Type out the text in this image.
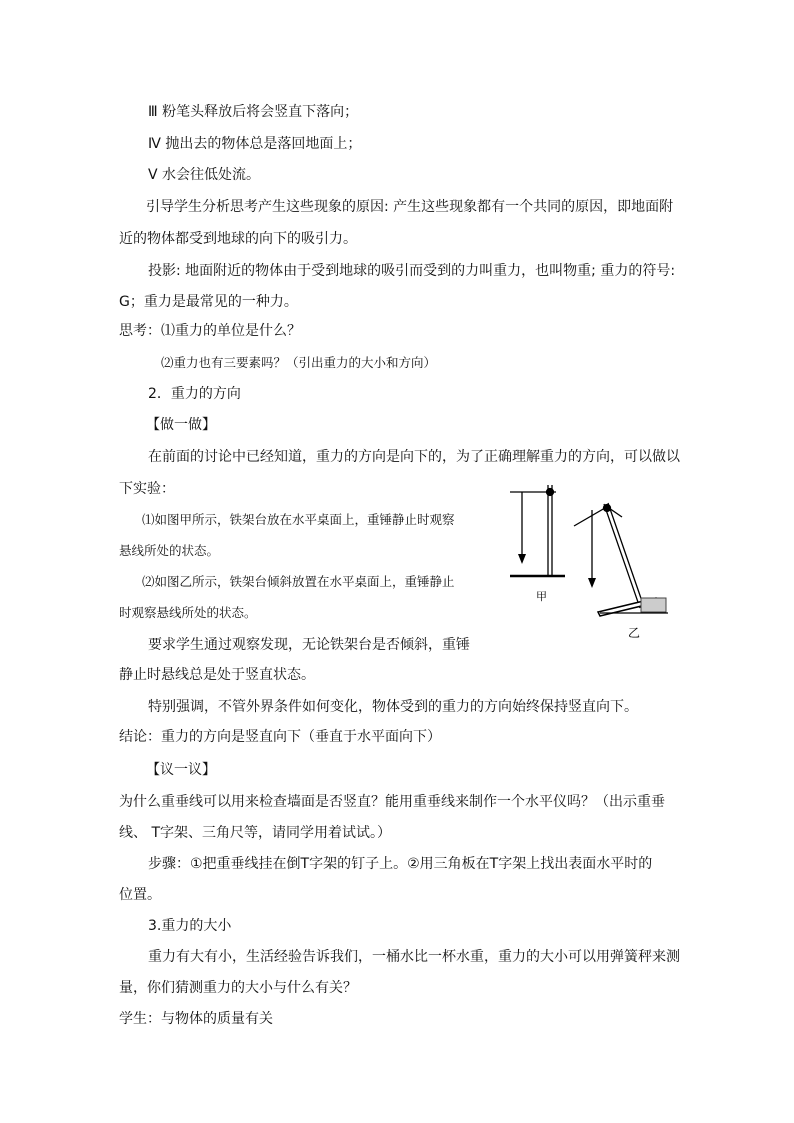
Ⅲ 粉笔头释放后将会竖直下落向；
Ⅳ 抛出去的物体总是落回地面上；
Ⅴ 水会往低处流。
引导学生分析思考产生这些现象的原因: 产生这些现象都有一个共同的原因，即地面附
近的物体都受到地球的向下的吸引力。
投影: 地面附近的物体由于受到地球的吸引而受到的力叫重力，也叫物重; 重力的符号:
G；重力是最常见的一种力。
思考：⑴重力的单位是什么？
⑵重力也有三要素吗？（引出重力的大小和方向）
2．重力的方向
【做一做】
在前面的讨论中已经知道，重力的方向是向下的，为了正确理解重力的方向，可以做以
下实验：
⑴如图甲所示，铁架台放在水平桌面上，重锤静止时观察
悬线所处的状态。
⑵如图乙所示，铁架台倾斜放置在水平桌面上，重锤静止
时观察悬线所处的状态。
要求学生通过观察发现，无论铁架台是否倾斜，重锤
静止时悬线总是处于竖直状态。
特别强调，不管外界条件如何变化，物体受到的重力的方向始终保持竖直向下。
结论：重力的方向是竖直向下（垂直于水平面向下）
【议一议】
为什么重垂线可以用来检查墙面是否竖直？能用重垂线来制作一个水平仪吗？（出示重垂
线、 T字架、三角尺等，请同学用着试试。）
步骤：①把重垂线挂在倒T字架的钉子上。②用三角板在T字架上找出表面水平时的
位置。
3.重力的大小
重力有大有小，生活经验告诉我们，一桶水比一杯水重，重力的大小可以用弹簧秤来测
量，你们猜测重力的大小与什么有关？
学生：与物体的质量有关
甲
乙
